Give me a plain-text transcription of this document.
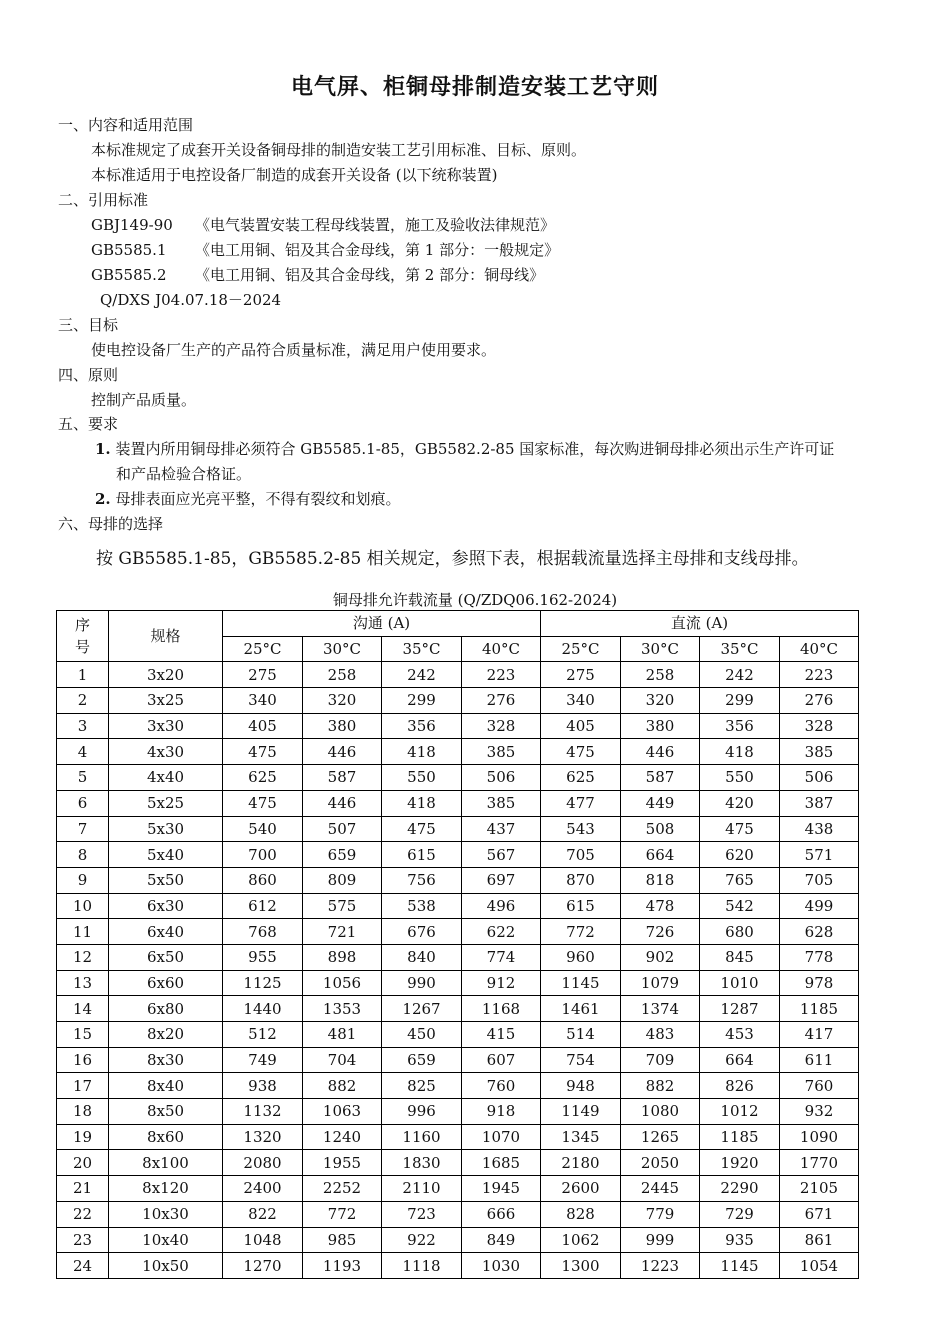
电气屏、柜铜母排制造安装工艺守则
一、内容和适用范围
本标准规定了成套开关设备铜母排的制造安装工艺引用标准、目标、原则。
本标准适用于电控设备厂制造的成套开关设备 (以下统称装置)
二、引用标准
GBJ149-90 《电气装置安装工程母线装置，施工及验收法律规范》
GB5585.1 《电工用铜、铝及其合金母线，第 1 部分：一般规定》
GB5585.2 《电工用铜、铝及其合金母线，第 2 部分：铜母线》
Q/DXS J04.07.18－2024
三、目标
使电控设备厂生产的产品符合质量标准，满足用户使用要求。
四、原则
控制产品质量。
五、要求
1. 装置内所用铜母排必须符合 GB5585.1-85，GB5582.2-85 国家标准，每次购进铜母排必须出示生产许可证
和产品检验合格证。
2. 母排表面应光亮平整，不得有裂纹和划痕。
六、母排的选择
按 GB5585.1-85，GB5585.2-85 相关规定，参照下表，根据载流量选择主母排和支线母排。
铜母排允许载流量 (Q/ZDQ06.162-2024)
序
号	规格	沟通 (A)				直流 (A)			
		25°C	30°C	35°C	40°C	25°C	30°C	35°C	40°C
1	3x20	275	258	242	223	275	258	242	223
2	3x25	340	320	299	276	340	320	299	276
3	3x30	405	380	356	328	405	380	356	328
4	4x30	475	446	418	385	475	446	418	385
5	4x40	625	587	550	506	625	587	550	506
6	5x25	475	446	418	385	477	449	420	387
7	5x30	540	507	475	437	543	508	475	438
8	5x40	700	659	615	567	705	664	620	571
9	5x50	860	809	756	697	870	818	765	705
10	6x30	612	575	538	496	615	478	542	499
11	6x40	768	721	676	622	772	726	680	628
12	6x50	955	898	840	774	960	902	845	778
13	6x60	1125	1056	990	912	1145	1079	1010	978
14	6x80	1440	1353	1267	1168	1461	1374	1287	1185
15	8x20	512	481	450	415	514	483	453	417
16	8x30	749	704	659	607	754	709	664	611
17	8x40	938	882	825	760	948	882	826	760
18	8x50	1132	1063	996	918	1149	1080	1012	932
19	8x60	1320	1240	1160	1070	1345	1265	1185	1090
20	8x100	2080	1955	1830	1685	2180	2050	1920	1770
21	8x120	2400	2252	2110	1945	2600	2445	2290	2105
22	10x30	822	772	723	666	828	779	729	671
23	10x40	1048	985	922	849	1062	999	935	861
24	10x50	1270	1193	1118	1030	1300	1223	1145	1054
